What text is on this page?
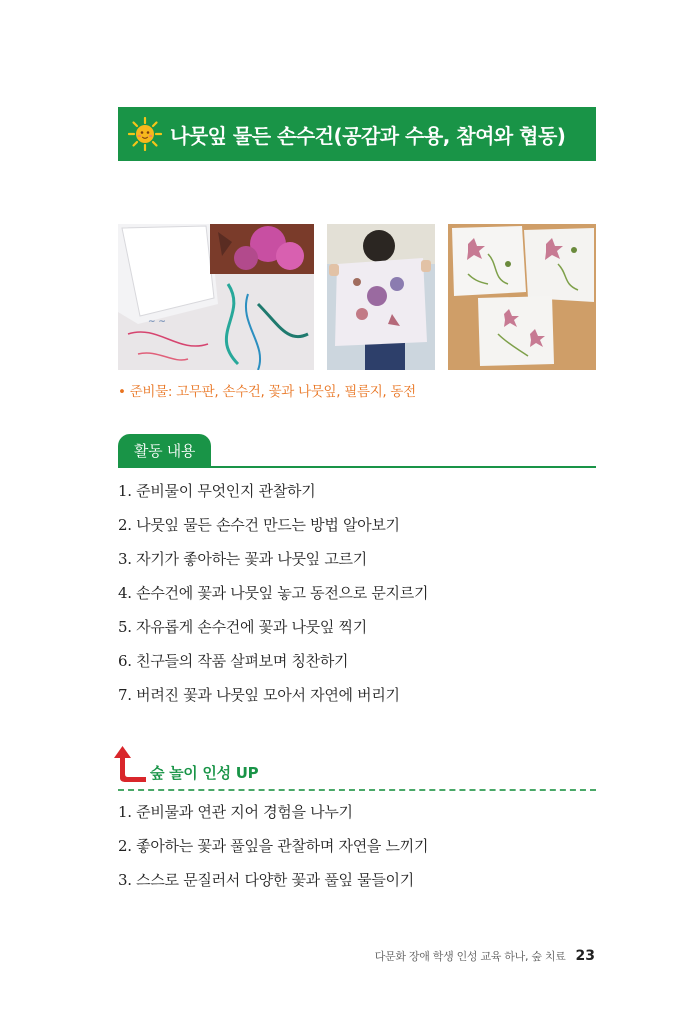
나뭇잎 물든 손수건(공감과 수용, 참여와 협동)
~ ~
• 준비물: 고무판, 손수건, 꽃과 나뭇잎, 필름지, 동전
활동 내용
1. 준비물이 무엇인지 관찰하기
2. 나뭇잎 물든 손수건 만드는 방법 알아보기
3. 자기가 좋아하는 꽃과 나뭇잎 고르기
4. 손수건에 꽃과 나뭇잎 놓고 동전으로 문지르기
5. 자유롭게 손수건에 꽃과 나뭇잎 찍기
6. 친구들의 작품 살펴보며 칭찬하기
7. 버려진 꽃과 나뭇잎 모아서 자연에 버리기
숲 놀이 인성 UP
1. 준비물과 연관 지어 경험을 나누기
2. 좋아하는 꽃과 풀잎을 관찰하며 자연을 느끼기
3. 스스로 문질러서 다양한 꽃과 풀잎 물들이기
다문화 장애 학생 인성 교육 하나, 숲 치료 23
